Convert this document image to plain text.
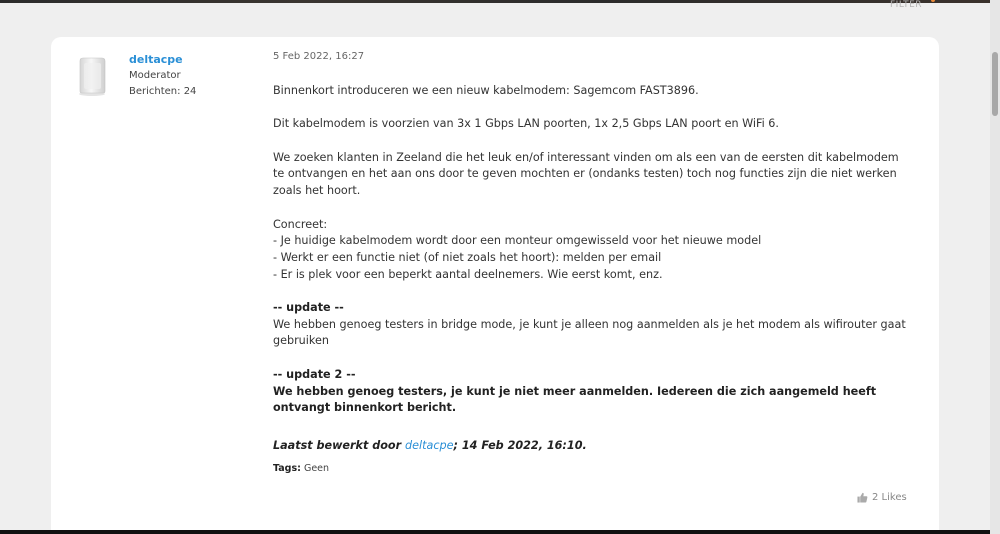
FILTER
deltacpe
Moderator
Berichten: 24
5 Feb 2022, 16:27

Binnenkort introduceren we een nieuw kabelmodem: Sagemcom FAST3896.

Dit kabelmodem is voorzien van 3x 1 Gbps LAN poorten, 1x 2,5 Gbps LAN poort en WiFi 6.

We zoeken klanten in Zeeland die het leuk en/of interessant vinden om als een van de eersten dit kabelmodem te ontvangen en het aan ons door te geven mochten er (ondanks testen) toch nog functies zijn die niet werken zoals het hoort.

Concreet:

- Je huidige kabelmodem wordt door een monteur omgewisseld voor het nieuwe model

- Werkt er een functie niet (of niet zoals het hoort): melden per email

- Er is plek voor een beperkt aantal deelnemers. Wie eerst komt, enz.

-- update --

We hebben genoeg testers in bridge mode, je kunt je alleen nog aanmelden als je het modem als wifirouter gaat gebruiken

-- update 2 --

We hebben genoeg testers, je kunt je niet meer aanmelden. Iedereen die zich aangemeld heeft ontvangt binnenkort bericht.

Laatst bewerkt door deltacpe; 14 Feb 2022, 16:10.
Tags: Geen
2 Likes
